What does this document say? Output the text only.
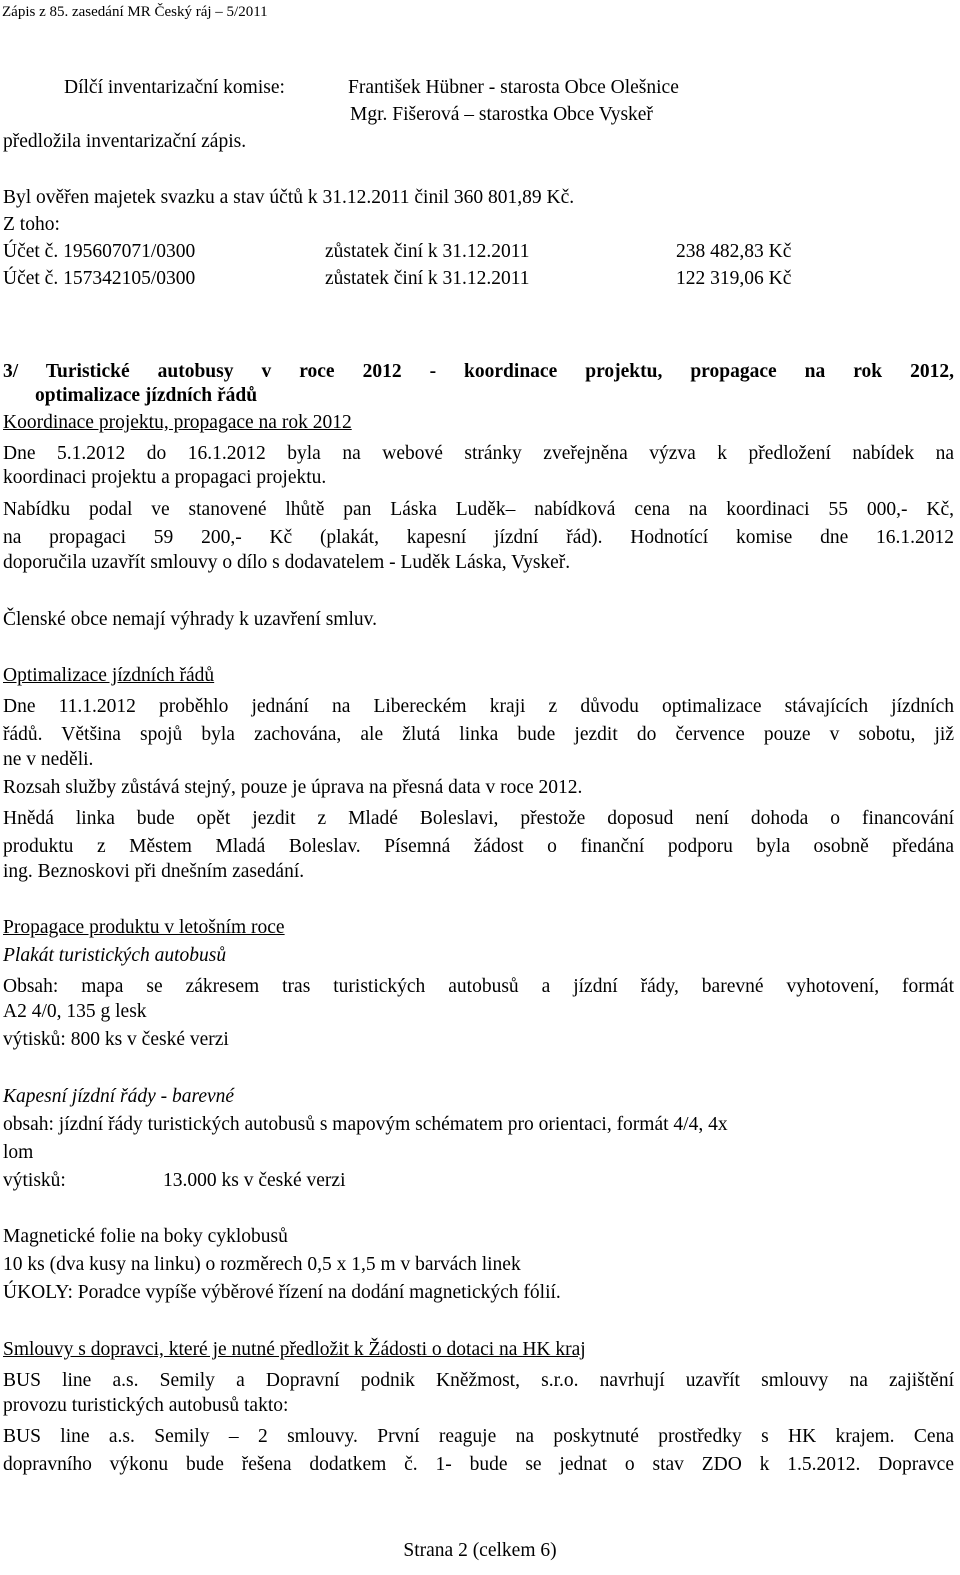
Zápis z 85. zasedání MR Český ráj – 5/2011
Dílčí inventarizační komise:	František Hübner - starosta Obce Olešnice
Mgr. Fišerová – starostka Obce Vyskeř
předložila inventarizační zápis.
Byl ověřen majetek svazku a stav účtů k 31.12.2011 činil 360 801,89 Kč.
Z toho:
Účet č. 195607071/0300	zůstatek činí k 31.12.2011	238 482,83 Kč
Účet č. 157342105/0300	zůstatek činí k 31.12.2011	122 319,06 Kč
3/ Turistické autobusy v roce 2012 - koordinace projektu, propagace na rok 2012,
optimalizace jízdních řádů
Koordinace projektu, propagace na rok 2012
Dne 5.1.2012 do 16.1.2012 byla na webové stránky zveřejněna výzva k předložení nabídek na
koordinaci projektu a propagaci projektu.
Nabídku podal ve stanovené lhůtě pan Láska Luděk– nabídková cena na koordinaci 55 000,- Kč,
na propagaci 59 200,- Kč (plakát, kapesní jízdní řád). Hodnotící komise dne 16.1.2012
doporučila uzavřít smlouvy o dílo s dodavatelem - Luděk Láska, Vyskeř.
Členské obce nemají výhrady k uzavření smluv.
Optimalizace jízdních řádů
Dne 11.1.2012 proběhlo jednání na Libereckém kraji z důvodu optimalizace stávajících jízdních
řádů. Většina spojů byla zachována, ale žlutá linka bude jezdit do července pouze v sobotu, již
ne v neděli.
Rozsah služby zůstává stejný, pouze je úprava na přesná data v roce 2012.
Hnědá linka bude opět jezdit z Mladé Boleslavi, přestože doposud není dohoda o financování
produktu z Městem Mladá Boleslav. Písemná žádost o finanční podporu byla osobně předána
ing. Beznoskovi při dnešním zasedání.
Propagace produktu v letošním roce
Plakát turistických autobusů
Obsah: mapa se zákresem tras turistických autobusů a jízdní řády, barevné vyhotovení, formát
A2 4/0, 135 g lesk
výtisků: 800 ks v české verzi
Kapesní jízdní řády - barevné
obsah: jízdní řády turistických autobusů s mapovým schématem pro orientaci, formát 4/4, 4x
lom
výtisků:	13.000 ks v české verzi
Magnetické folie na boky cyklobusů
10 ks (dva kusy na linku) o rozměrech 0,5 x 1,5 m v barvách linek
ÚKOLY: Poradce vypíše výběrové řízení na dodání magnetických fólií.
Smlouvy s dopravci, které je nutné předložit k Žádosti o dotaci na HK kraj
BUS line a.s. Semily a Dopravní podnik Kněžmost, s.r.o. navrhují uzavřít smlouvy na zajištění
provozu turistických autobusů takto:
BUS line a.s. Semily – 2 smlouvy. První reaguje na poskytnuté prostředky s HK krajem. Cena
dopravního výkonu bude řešena dodatkem č. 1- bude se jednat o stav ZDO k 1.5.2012. Dopravce
Strana 2 (celkem 6)
